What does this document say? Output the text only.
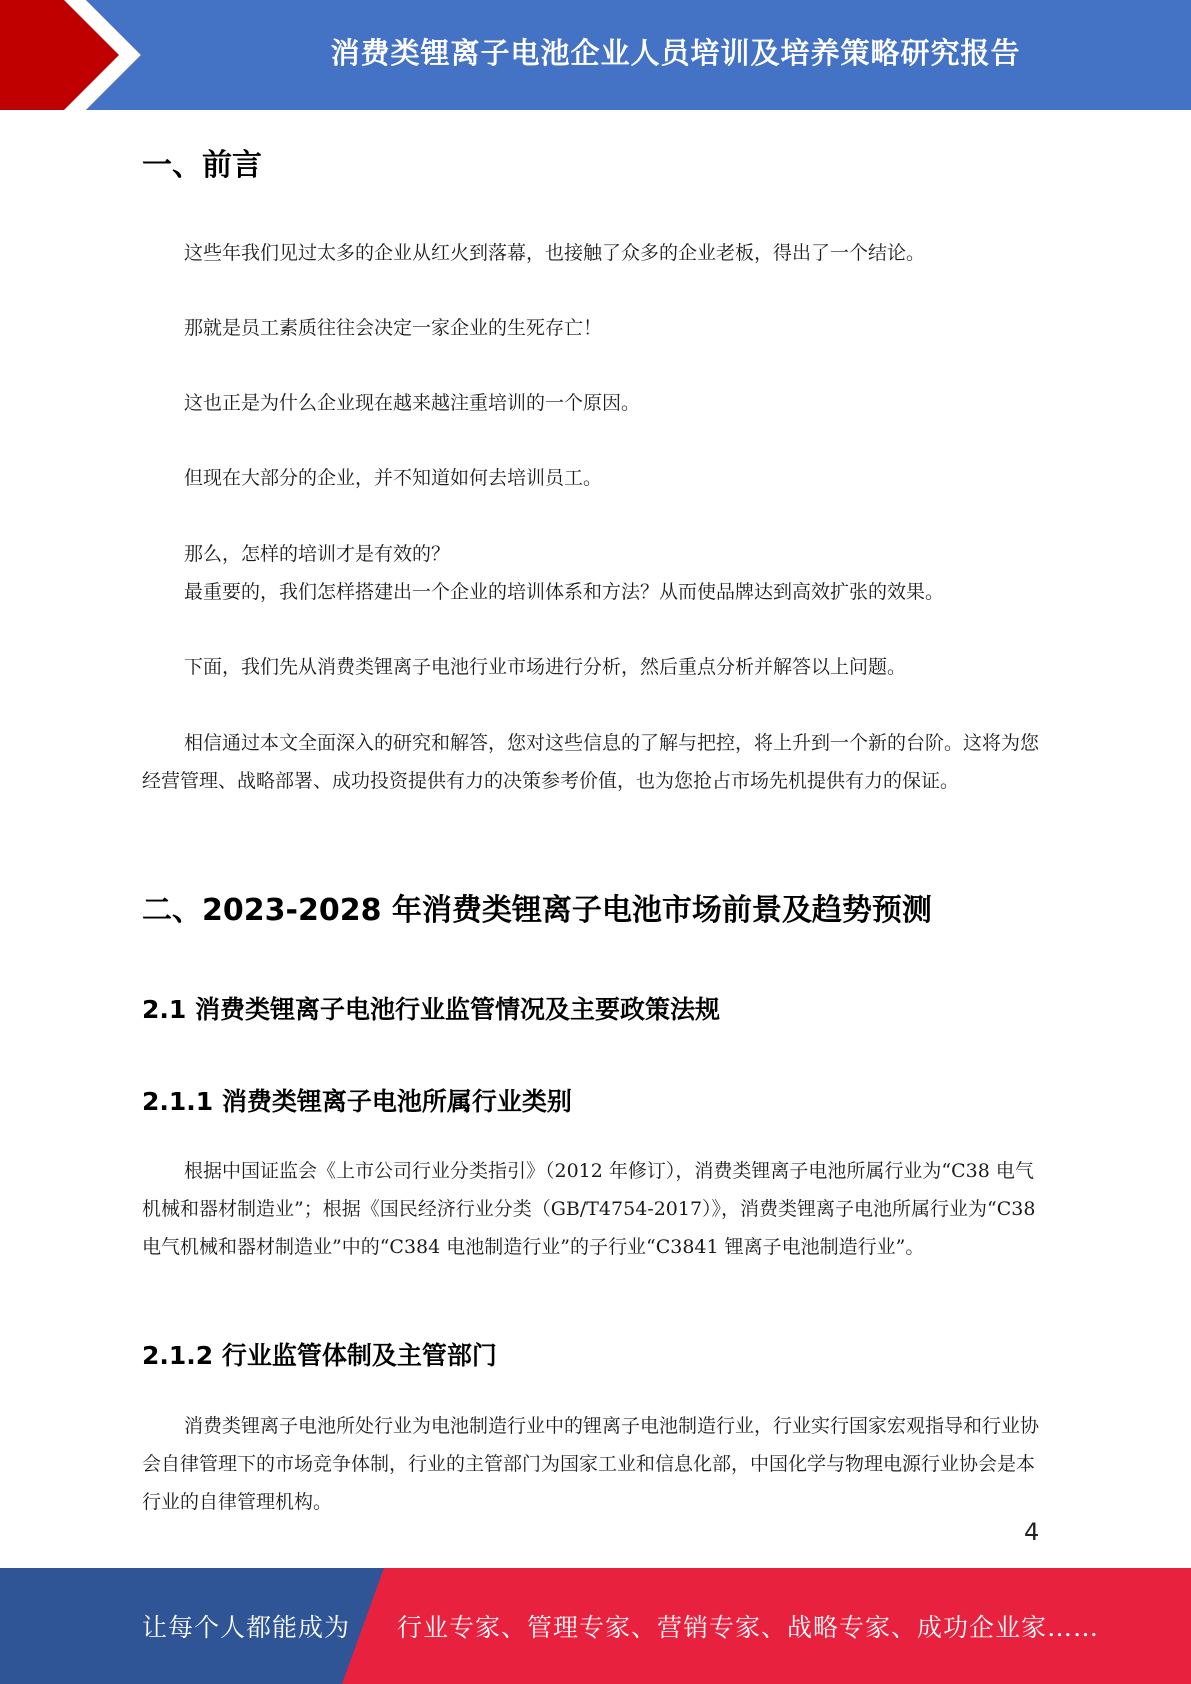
消费类锂离子电池企业人员培训及培养策略研究报告
一、前言
这些年我们见过太多的企业从红火到落幕，也接触了众多的企业老板，得出了一个结论。
那就是员工素质往往会决定一家企业的生死存亡！
这也正是为什么企业现在越来越注重培训的一个原因。
但现在大部分的企业，并不知道如何去培训员工。
那么，怎样的培训才是有效的？
最重要的，我们怎样搭建出一个企业的培训体系和方法？从而使品牌达到高效扩张的效果。
下面，我们先从消费类锂离子电池行业市场进行分析，然后重点分析并解答以上问题。
相信通过本文全面深入的研究和解答，您对这些信息的了解与把控，将上升到一个新的台阶。这将为您经营管理、战略部署、成功投资提供有力的决策参考价值，也为您抢占市场先机提供有力的保证。
二、2023-2028 年消费类锂离子电池市场前景及趋势预测
2.1 消费类锂离子电池行业监管情况及主要政策法规
2.1.1 消费类锂离子电池所属行业类别
根据中国证监会《上市公司行业分类指引》（2012 年修订），消费类锂离子电池所属行业为“C38 电气机械和器材制造业”；根据《国民经济行业分类（GB/T4754-2017）》，消费类锂离子电池所属行业为“C38 电气机械和器材制造业”中的“C384 电池制造行业”的子行业“C3841 锂离子电池制造行业”。
2.1.2 行业监管体制及主管部门
消费类锂离子电池所处行业为电池制造行业中的锂离子电池制造行业，行业实行国家宏观指导和行业协会自律管理下的市场竞争体制，行业的主管部门为国家工业和信息化部，中国化学与物理电源行业协会是本行业的自律管理机构。
4
让每个人都能成为 行业专家、管理专家、营销专家、战略专家、成功企业家……
